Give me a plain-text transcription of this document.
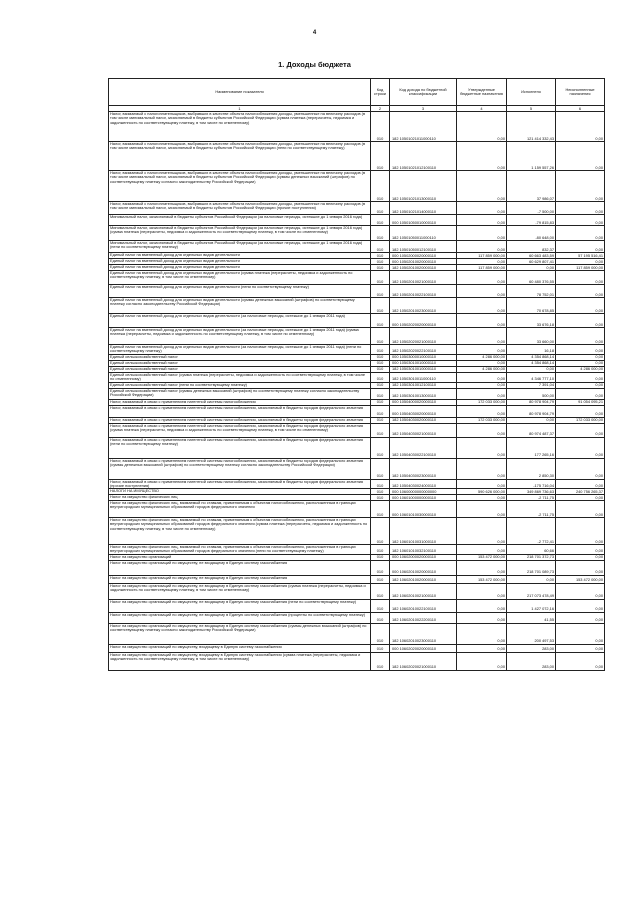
4
1. Доходы бюджета
Наименование показателя	Код строки	Код дохода по бюджетной классификации	Утвержденные бюджетные назначения	Исполнено	Неисполненные назначения
1	2	3	4	5	6
Налог, взимаемый с налогоплательщиков, выбравших в качестве объекта налогообложения доходы, уменьшенные на величину расходов (в том числе минимальный налог, зачисляемый в бюджеты субъектов Российской Федерации (сумма платежа (перерасчеты, недоимка и задолженность по соответствующему платежу, в том числе по отмененному)	010	182 10501021011000110	0,00	121 414 332,43	0,00
Налог, взимаемый с налогоплательщиков, выбравших в качестве объекта налогообложения доходы, уменьшенные на величину расходов (в том числе минимальный налог, зачисляемый в бюджеты субъектов Российской Федерации (пени по соответствующему платежу)	010	182 10501021012100110	0,00	1 159 557,26	0,00
Налог, взимаемый с налогоплательщиков, выбравших в качестве объекта налогообложения доходы, уменьшенные на величину расходов (в том числе минимальный налог, зачисляемый в бюджеты субъектов Российской Федерации (суммы денежных взысканий (штрафов) по соответствующему платежу согласно законодательству Российской Федерации)	010	182 10501021013000110	0,00	37 986,07	0,00
Налог, взимаемый с налогоплательщиков, выбравших в качестве объекта налогообложения доходы, уменьшенные на величину расходов (в том числе минимальный налог, зачисляемый в бюджеты субъектов Российской Федерации (прочие поступления)	010	182 10501021014000110	0,00	-7 500,00	0,00
Минимальный налог, зачисляемый в бюджеты субъектов Российской Федерации (за налоговые периоды, истекшие до 1 января 2016 года)	010	000 10501050010000110	0,00	-79 815,83	0,00
Минимальный налог, зачисляемый в бюджеты субъектов Российской Федерации (за налоговые периоды, истекшие до 1 января 2016 года) (сумма платежа (перерасчеты, недоимка и задолженность по соответствующему платежу, в том числе по отмененному)	010	182 10501050011000110	0,00	-80 648,00	0,00
Минимальный налог, зачисляемый в бюджеты субъектов Российской Федерации (за налоговые периоды, истекшие до 1 января 2016 года) (пени по соответствующему платежу)	010	182 10501050012100110	0,00	832,37	0,00
Единый налог на вмененный доход для отдельных видов деятельности	010	000 10502000020000110	117 859 000,00	60 663 483,59	57 195 516,41
Единый налог на вмененный доход для отдельных видов деятельности	010	000 10502010020000110	0,00	60 629 807,41	0,00
Единый налог на вмененный доход для отдельных видов деятельности	010	182 10502010020000110	117 859 000,00	0,00	117 859 000,00
Единый налог на вмененный доход для отдельных видов деятельности (сумма платежа (перерасчеты, недоимка и задолженность по соответствующему платежу, в том числе по отмененному)	010	182 10502010021000110	0,00	60 480 376,55	0,00
Единый налог на вмененный доход для отдельных видов деятельности (пени по соответствующему платежу)	010	182 10502010022100110	0,00	78 752,01	0,00
Единый налог на вмененный доход для отдельных видов деятельности (суммы денежных взысканий (штрафов) по соответствующему платежу согласно законодательству Российской Федерации)	010	182 10502010023000110	0,00	70 678,85	0,00
Единый налог на вмененный доход для отдельных видов деятельности (за налоговые периоды, истекшие до 1 января 2011 года)	010	000 10502020020000110	0,00	33 676,18	0,00
Единый налог на вмененный доход для отдельных видов деятельности (за налоговые периоды, истекшие до 1 января 2011 года) (сумма платежа (перерасчеты, недоимка и задолженность по соответствующему платежу, в том числе по отмененному)	010	182 10502020021000110	0,00	33 660,00	0,00
Единый налог на вмененный доход для отдельных видов деятельности (за налоговые периоды, истекшие до 1 января 2011 года) (пени по соответствующему платежу)	010	182 10502020022100110	0,00	16,18	0,00
Единый сельскохозяйственный налог	010	000 10503000010000110	4 286 000,00	4 354 868,14	0,00
Единый сельскохозяйственный налог	010	000 10503010010000110	0,00	4 354 868,14	0,00
Единый сельскохозяйственный налог	010	182 10503010010000110	4 286 000,00	0,00	4 286 000,00
Единый сельскохозяйственный налог (сумма платежа (перерасчеты, недоимка и задолженность по соответствующему платежу, в том числе по отмененному)	010	182 10503010011000110	0,00	4 346 777,10	0,00
Единый сельскохозяйственный налог (пени по соответствующему платежу)	010	182 10503010012100110	0,00	7 391,04	0,00
Единый сельскохозяйственный налог (суммы денежных взысканий (штрафов) по соответствующему платежу согласно законодательству Российской Федерации)	010	182 10503010013000110	0,00	500,00	0,00
Налог, взимаемый в связи с применением патентной системы налогообложения	010	000 10504000020000110	172 033 000,00	80 978 904,79	91 054 095,21
Налог, взимаемый в связи с применением патентной системы налогообложения, зачисляемый в бюджеты городов федерального значения	010	000 10504030020000110	0,00	80 978 904,79	0,00
Налог, взимаемый в связи с применением патентной системы налогообложения, зачисляемый в бюджеты городов федерального значения	010	182 10504030020000110	172 033 000,00	0,00	172 033 000,00
Налог, взимаемый в связи с применением патентной системы налогообложения, зачисляемый в бюджеты городов федерального значения (сумма платежа (перерасчеты, недоимка и задолженность по соответствующему платежу, в том числе по отмененному)	010	182 10504030021000110	0,00	80 974 487,37	0,00
Налог, взимаемый в связи с применением патентной системы налогообложения, зачисляемый в бюджеты городов федерального значения (пени по соответствующему платежу)	010	182 10504030022100110	0,00	177 265,16	0,00
Налог, взимаемый в связи с применением патентной системы налогообложения, зачисляемый в бюджеты городов федерального значения (суммы денежных взысканий (штрафов) по соответствующему платежу согласно законодательству Российской Федерации)	010	182 10504030023000110	0,00	2 850,30	0,00
Налог, взимаемый в связи с применением патентной системы налогообложения, зачисляемый в бюджеты городов федерального значения (прочие поступления)	010	182 10504030024000110	0,00	-175 716,04	0,00
НАЛОГИ НА ИМУЩЕСТВО	010	000 10600000000000000	590 626 000,00	349 869 736,63	240 756 265,37
Налог на имущество физических лиц	010	000 10601000000000110	0,00	-2 711,75	0,00
Налог на имущество физических лиц, взимаемый по ставкам, применяемым к объектам налогообложения, расположенным в границах внутригородских муниципальных образований городов федерального значения	010	000 10601010030000110	0,00	-2 711,75	0,00
Налог на имущество физических лиц, взимаемый по ставкам, применяемым к объектам налогообложения, расположенным в границах внутригородских муниципальных образований городов федерального значения (сумма платежа (перерасчеты, недоимка и задолженность по соответствующему платежу, в том числе по отмененному)	010	182 10601010031000110	0,00	-2 772,41	0,00
Налог на имущество физических лиц, взимаемый по ставкам, применяемым к объектам налогообложения, расположенным в границах внутригородских муниципальных образований городов федерального значения (пени по соответствующему платежу)	010	182 10601010032100110	0,00	60,66	0,00
Налог на имущество организаций	010	000 10602000020000110	153 472 000,00	218 701 372,73	0,00
Налог на имущество организаций по имуществу, не входящему в Единую систему газоснабжения	010	000 10602010020000110	0,00	218 701 089,73	0,00
Налог на имущество организаций по имуществу, не входящему в Единую систему газоснабжения	010	182 10602010020000110	153 472 000,00	0,00	153 472 000,00
Налог на имущество организаций по имуществу, не входящему в Единую систему газоснабжения (сумма платежа (перерасчеты, недоимка и задолженность по соответствующему платежу, в том числе по отмененному)	010	182 10602010021000110	0,00	217 073 478,49	0,00
Налог на имущество организаций по имуществу, не входящему в Единую систему газоснабжения (пени по соответствующему платежу)	010	182 10602010022100110	0,00	1 427 072,16	0,00
Налог на имущество организаций по имуществу, не входящему в Единую систему газоснабжения (проценты по соответствующему платежу)	010	182 10602010022200110	0,00	41,55	0,00
Налог на имущество организаций по имуществу, не входящему в Единую систему газоснабжения (суммы денежных взысканий (штрафов) по соответствующему платежу согласно законодательству Российской Федерации)	010	182 10602010023000110	0,00	200 497,53	0,00
Налог на имущество организаций по имуществу, входящему в Единую систему газоснабжения	010	000 10602020020000110	0,00	283,00	0,00
Налог на имущество организаций по имуществу, входящему в Единую систему газоснабжения (сумма платежа (перерасчеты, недоимка и задолженность по соответствующему платежу, в том числе по отмененному)	010	182 10602020021000110	0,00	283,00	0,00
